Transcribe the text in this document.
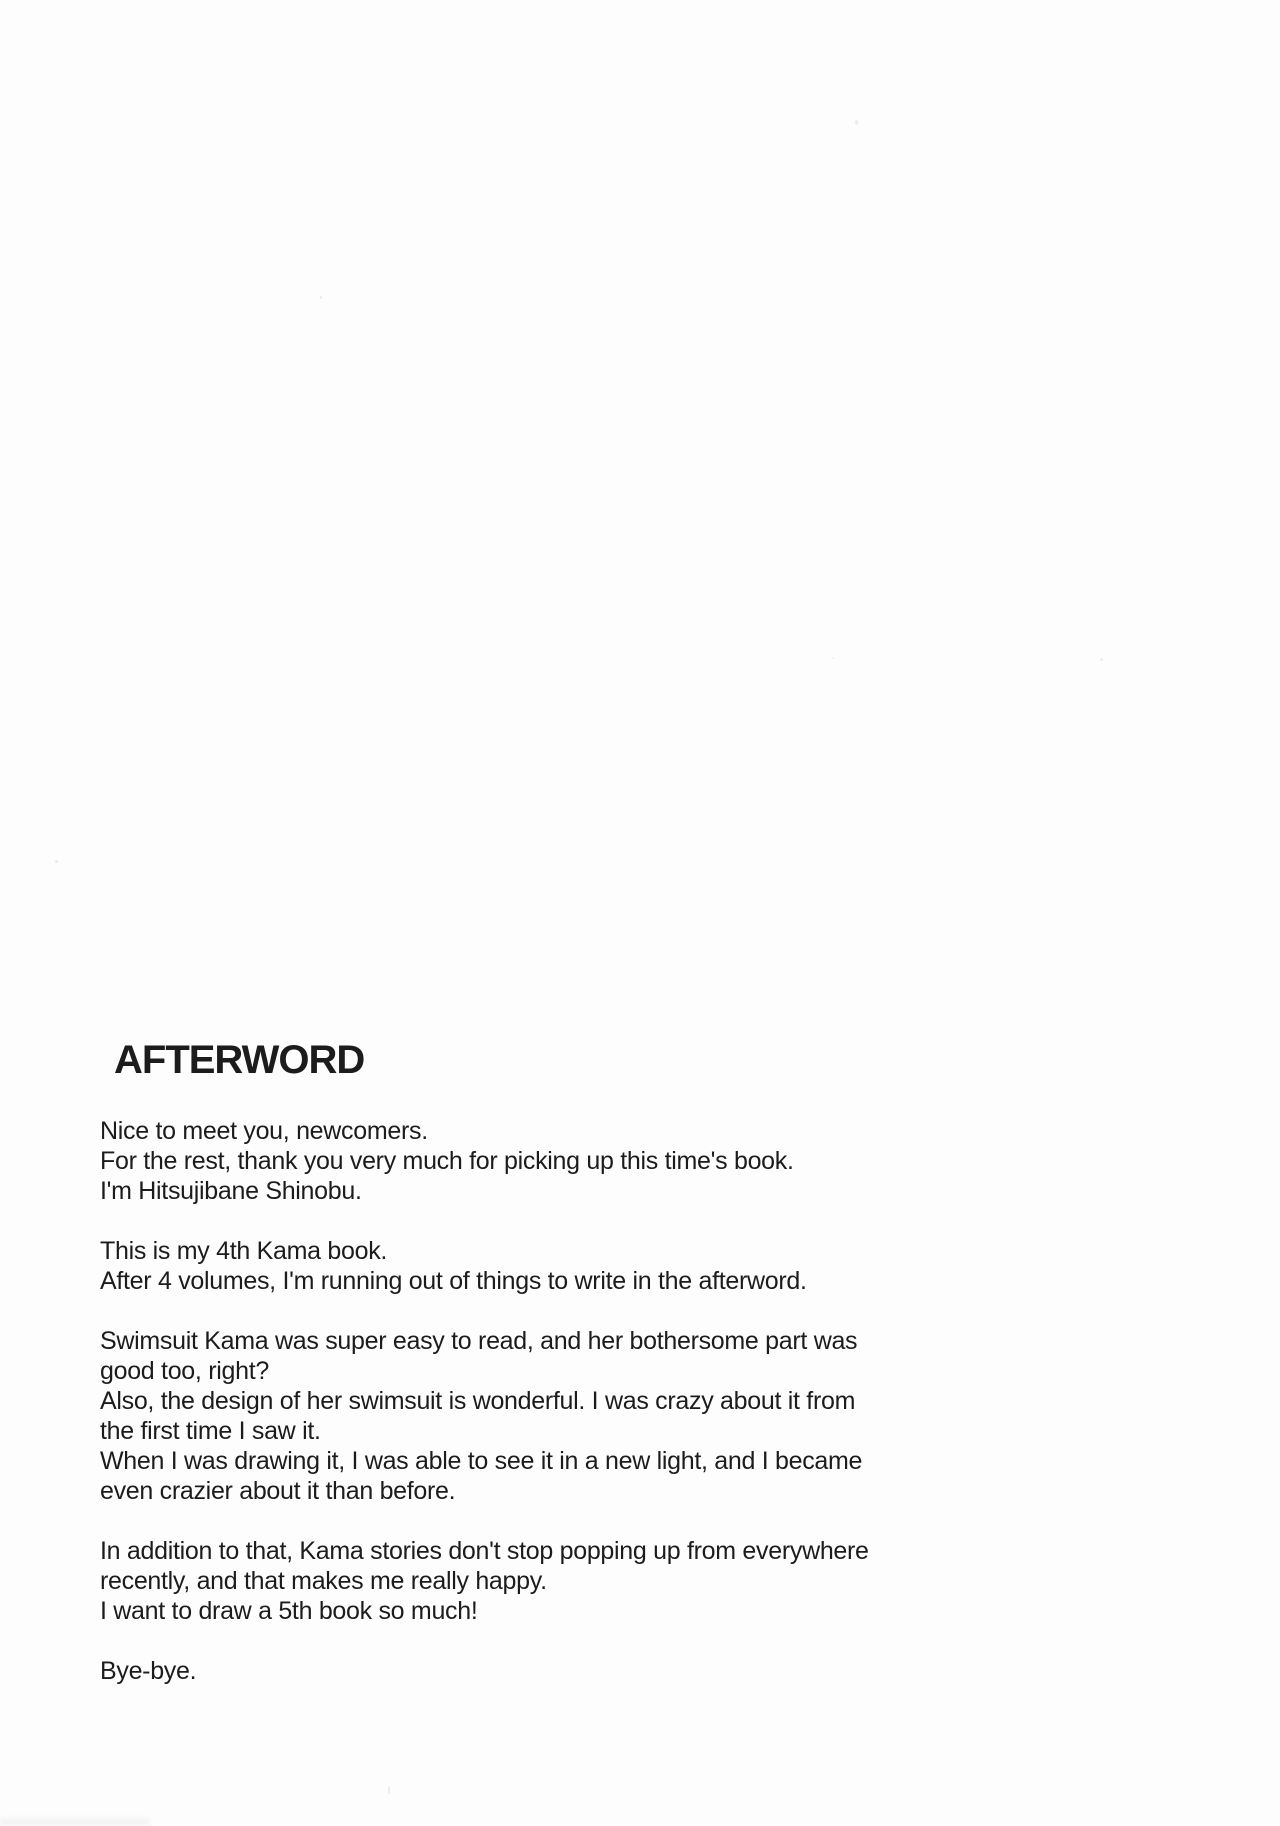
AFTERWORD
Nice to meet you, newcomers.
For the rest, thank you very much for picking up this time's book.
I'm Hitsujibane Shinobu.
This is my 4th Kama book.
After 4 volumes, I'm running out of things to write in the afterword.
Swimsuit Kama was super easy to read, and her bothersome part was
good too, right?
Also, the design of her swimsuit is wonderful. I was crazy about it from
the first time I saw it.
When I was drawing it, I was able to see it in a new light, and I became
even crazier about it than before.
In addition to that, Kama stories don't stop popping up from everywhere
recently, and that makes me really happy.
I want to draw a 5th book so much!
Bye-bye.
